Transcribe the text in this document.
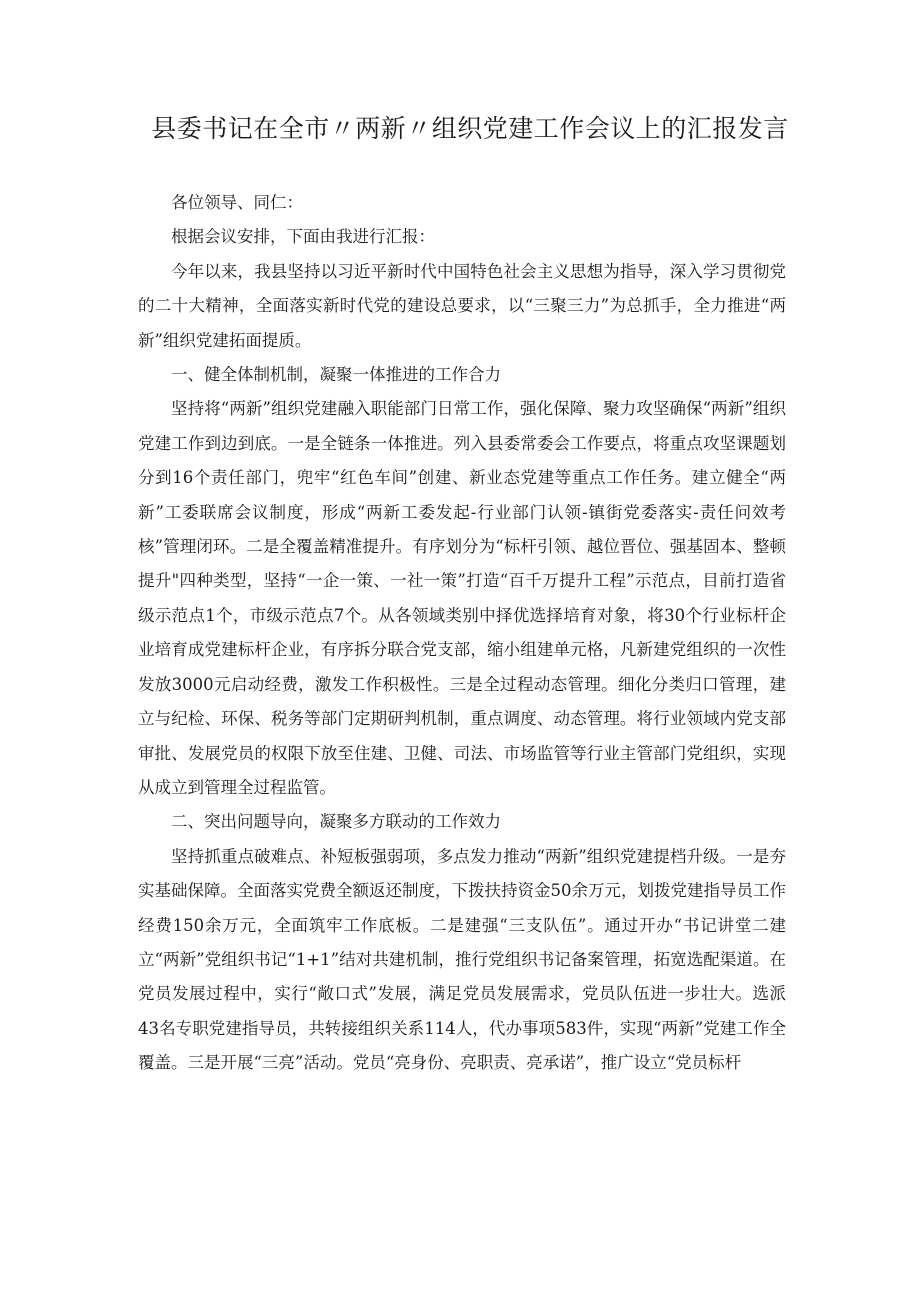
县委书记在全市〃两新〃组织党建工作会议上的汇报发言

各位领导、同仁：

根据会议安排，下面由我进行汇报：

今年以来，我县坚持以习近平新时代中国特色社会主义思想为指导，深入学习贯彻党的二十大精神，全面落实新时代党的建设总要求，以“三聚三力”为总抓手，全力推进“两新”组织党建拓面提质。

一、健全体制机制，凝聚一体推进的工作合力

坚持将“两新”组织党建融入职能部门日常工作，强化保障、聚力攻坚确保“两新”组织党建工作到边到底。一是全链条一体推进。列入县委常委会工作要点，将重点攻坚课题划分到16个责任部门，兜牢“红色车间”创建、新业态党建等重点工作任务。建立健全“两新”工委联席会议制度，形成“两新工委发起-行业部门认领-镇街党委落实-责任问效考核”管理闭环。二是全覆盖精准提升。有序划分为“标杆引领、越位晋位、强基固本、整顿提升"四种类型，坚持“一企一策、一社一策”打造“百千万提升工程”示范点，目前打造省级示范点1个，市级示范点7个。从各领域类别中择优选择培育对象，将30个行业标杆企业培育成党建标杆企业，有序拆分联合党支部，缩小组建单元格，凡新建党组织的一次性发放3000元启动经费，激发工作积极性。三是全过程动态管理。细化分类归口管理，建立与纪检、环保、税务等部门定期研判机制，重点调度、动态管理。将行业领域内党支部审批、发展党员的权限下放至住建、卫健、司法、市场监管等行业主管部门党组织，实现从成立到管理全过程监管。

二、突出问题导向，凝聚多方联动的工作效力

坚持抓重点破难点、补短板强弱项，多点发力推动“两新”组织党建提档升级。一是夯实基础保障。全面落实党费全额返还制度，下拨扶持资金50余万元，划拨党建指导员工作经费150余万元，全面筑牢工作底板。二是建强“三支队伍”。通过开办“书记讲堂二建立“两新”党组织书记“1+1”结对共建机制，推行党组织书记备案管理，拓宽选配渠道。在党员发展过程中，实行“敞口式”发展，满足党员发展需求，党员队伍进一步壮大。选派43名专职党建指导员，共转接组织关系114人，代办事项583件，实现“两新”党建工作全覆盖。三是开展“三亮”活动。党员“亮身份、亮职责、亮承诺”，推广设立“党员标杆
